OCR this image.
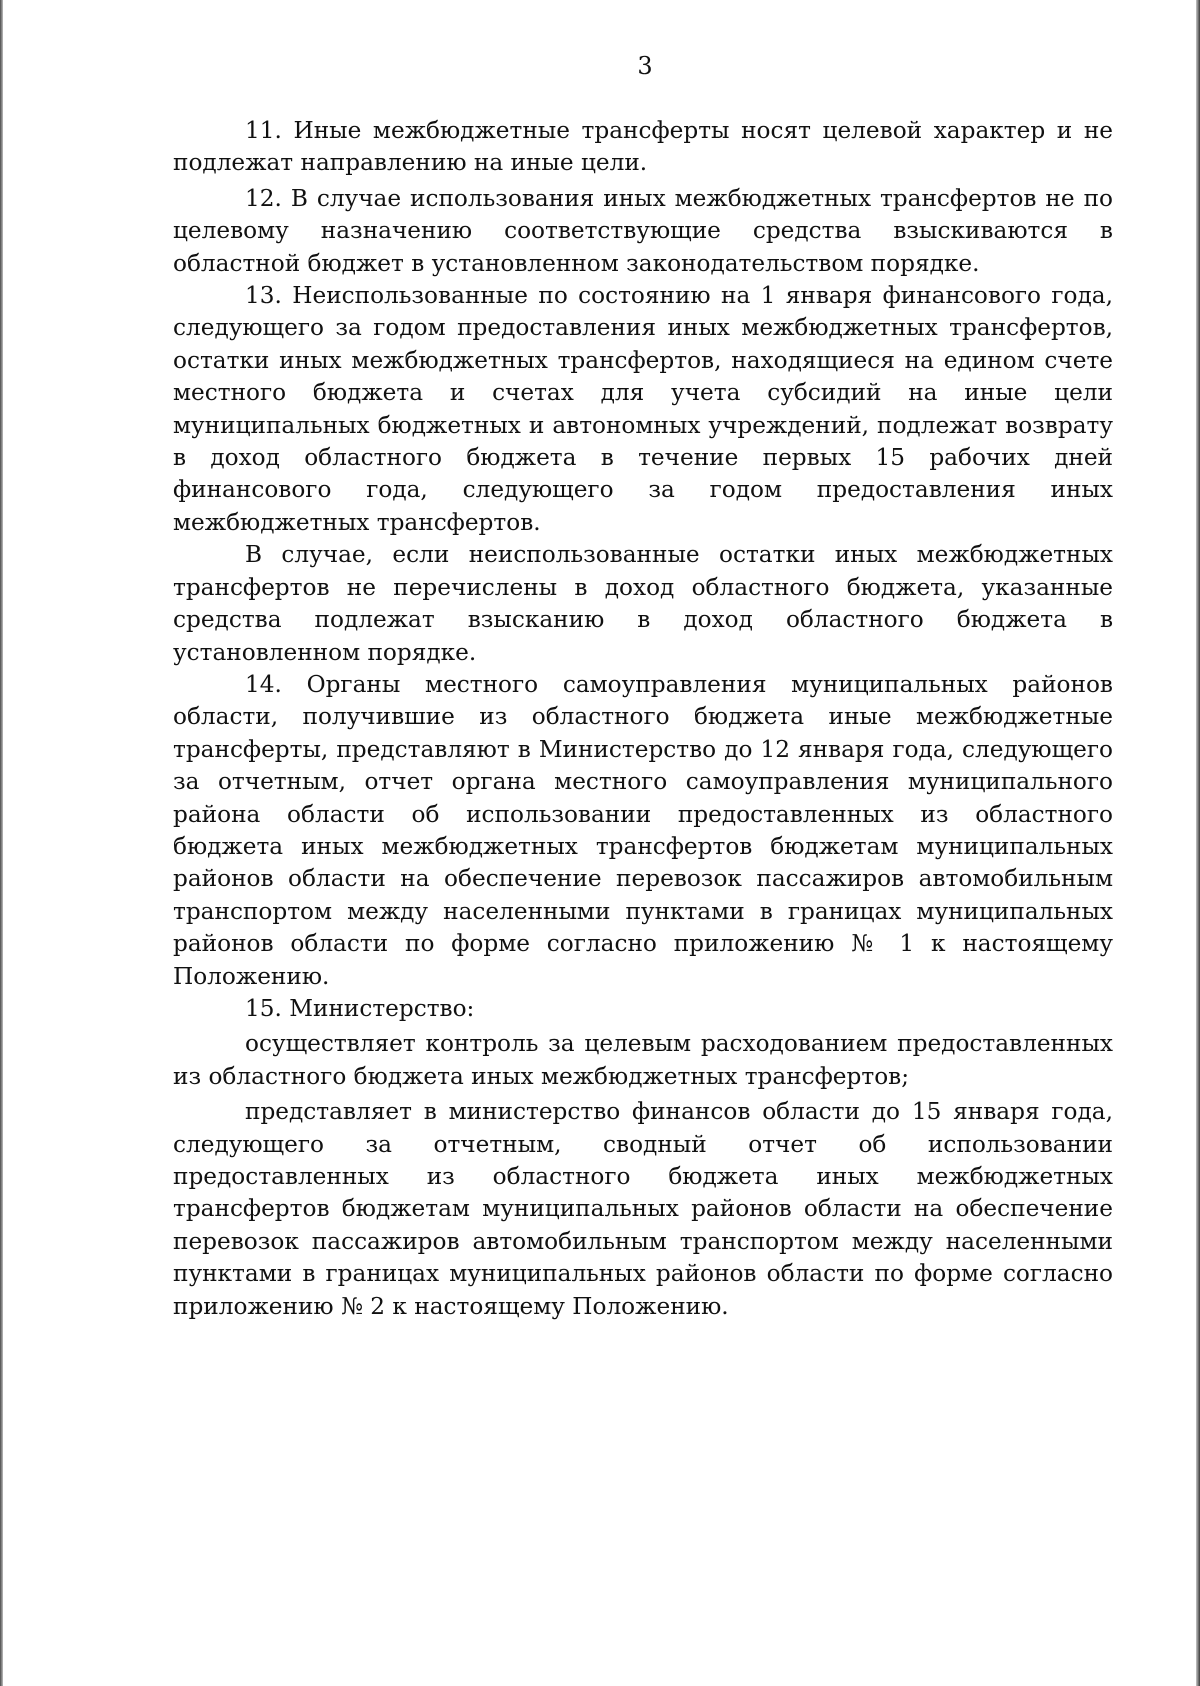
3

11. Иные межбюджетные трансферты носят целевой характер и не подлежат направлению на иные цели.

12. В случае использования иных межбюджетных трансфертов не по целевому назначению соответствующие средства взыскиваются в областной бюджет в установленном законодательством порядке.

13. Неиспользованные по состоянию на 1 января финансового года, следующего за годом предоставления иных межбюджетных трансфертов, остатки иных межбюджетных трансфертов, находящиеся на едином счете местного бюджета и счетах для учета субсидий на иные цели муниципальных бюджетных и автономных учреждений, подлежат возврату в доход областного бюджета в течение первых 15 рабочих дней финансового года, следующего за годом предоставления иных межбюджетных трансфертов.

В случае, если неиспользованные остатки иных межбюджетных трансфертов не перечислены в доход областного бюджета, указанные средства подлежат взысканию в доход областного бюджета в установленном порядке.

14. Органы местного самоуправления муниципальных районов области, получившие из областного бюджета иные межбюджетные трансферты, представляют в Министерство до 12 января года, следующего за отчетным, отчет органа местного самоуправления муниципального района области об использовании предоставленных из областного бюджета иных межбюджетных трансфертов бюджетам муниципальных районов области на обеспечение перевозок пассажиров автомобильным транспортом между населенными пунктами в границах муниципальных районов области по форме согласно приложению № 1 к настоящему Положению.

15. Министерство:

осуществляет контроль за целевым расходованием предоставленных из областного бюджета иных межбюджетных трансфертов;

представляет в министерство финансов области до 15 января года, следующего за отчетным, сводный отчет об использовании предоставленных из областного бюджета иных межбюджетных трансфертов бюджетам муниципальных районов области на обеспечение перевозок пассажиров автомобильным транспортом между населенными пунктами в границах муниципальных районов области по форме согласно приложению № 2 к настоящему Положению.
